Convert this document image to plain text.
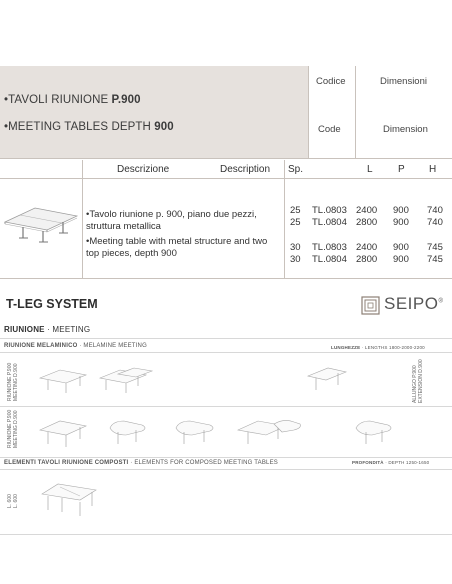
•TAVOLI RIUNIONE P.900
•MEETING TABLES DEPTH 900
Codice	Dimensioni
Code	Dimension
Descrizione	Description Sp.	L	P H
•Tavolo riunione p. 900, piano due pezzi, struttura metallica
•Meeting table with metal structure and two top pieces, depth 900
25 TL.0803 2400 900 740
25 TL.0804 2800 900 740
30 TL.0803 2400 900 745
30 TL.0804 2800 900 745
T-LEG SYSTEM	SEIPO®
RIUNIONE · MEETING
RIUNIONE MELAMINICO · MELAMINE MEETING	LUNGHEZZE · LENGTHS 1800-2000-2200
RIUNIONE P.900 MEETING D.900	ALLUNGO P.900 EXTENSION D.900
RIUNIONE P.900 MEETING D.900
ELEMENTI TAVOLI RIUNIONE COMPOSTI · ELEMENTS FOR COMPOSED MEETING TABLES	PROFONDITÀ · DEPTH 1250-1650
L. 600 L. 600
